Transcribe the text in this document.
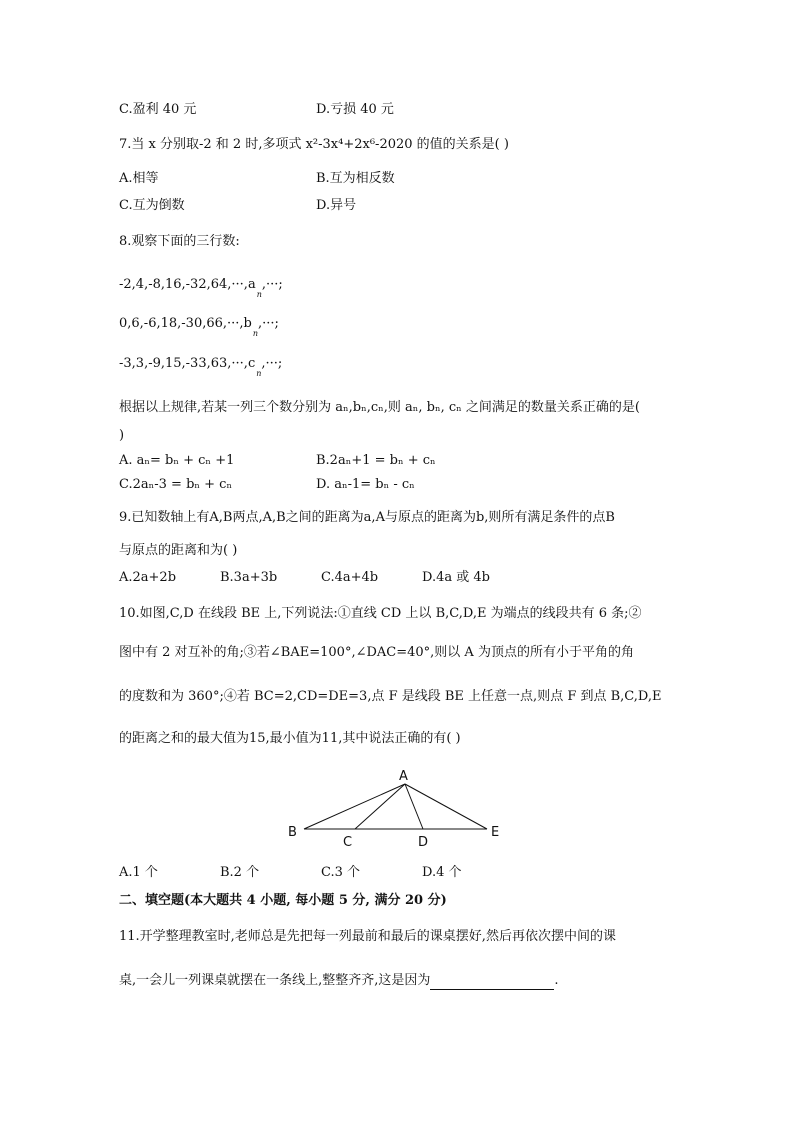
C.盈利 40 元	D.亏损 40 元
7.当 x 分别取-2 和 2 时,多项式 x²-3x⁴+2x⁶-2020 的值的关系是( )
A.相等	B.互为相反数
C.互为倒数	D.异号
8.观察下面的三行数:
$-2,4,-8,16,-32,64,\cdot\cdot\cdot,a_n,\cdot\cdot\cdot$;
$0,6,-6,18,-30,66,\cdot\cdot\cdot,b_n,\cdot\cdot\cdot$;
$-3,3,-9,15,-33,63,\cdot\cdot\cdot,c_n,\cdot\cdot\cdot$;
根据以上规律,若某一列三个数分别为 aₙ,bₙ,cₙ,则 aₙ, bₙ, cₙ 之间满足的数量关系正确的是(
)
A. aₙ= bₙ + cₙ +1	B.2aₙ+1 = bₙ + cₙ
C.2aₙ-3 = bₙ + cₙ	D. aₙ-1= bₙ - cₙ
9.已知数轴上有A,B两点,A,B之间的距离为a,A与原点的距离为b,则所有满足条件的点B
与原点的距离和为( )
A.2a+2b	B.3a+3b	C.4a+4b	D.4a 或 4b
10.如图,C,D 在线段 BE 上,下列说法:①直线 CD 上以 B,C,D,E 为端点的线段共有 6 条;②
图中有 2 对互补的角;③若∠BAE=100°,∠DAC=40°,则以 A 为顶点的所有小于平角的角
的度数和为 360°;④若 BC=2,CD=DE=3,点 F 是线段 BE 上任意一点,则点 F 到点 B,C,D,E
的距离之和的最大值为15,最小值为11,其中说法正确的有( )
A
B
C	D
E
A.1 个	B.2 个	C.3 个	D.4 个
二、填空题(本大题共 4 小题, 每小题 5 分, 满分 20 分)
11.开学整理教室时,老师总是先把每一列最前和最后的课桌摆好,然后再依次摆中间的课
桌,一会儿一列课桌就摆在一条线上,整整齐齐,这是因为	.
